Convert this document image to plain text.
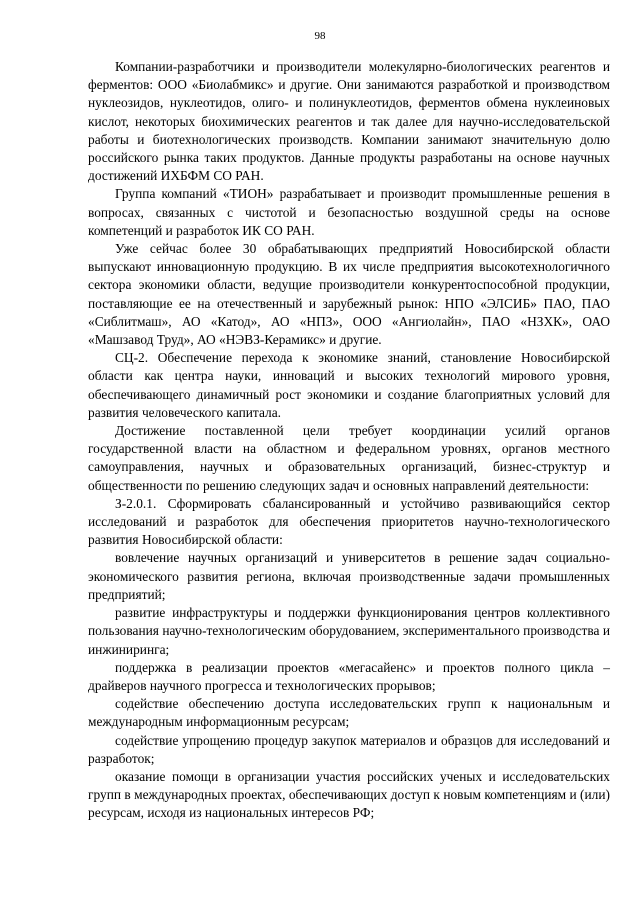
98

Компании-разработчики и производители молекулярно-биологических реагентов и ферментов: ООО «Биолабмикс» и другие. Они занимаются разработкой и производством нуклеозидов, нуклеотидов, олиго- и полинуклеотидов, ферментов обмена нуклеиновых кислот, некоторых биохимических реагентов и так далее для научно-исследовательской работы и биотехнологических производств. Компании занимают значительную долю российского рынка таких продуктов. Данные продукты разработаны на основе научных достижений ИХБФМ СО РАН.

Группа компаний «ТИОН» разрабатывает и производит промышленные решения в вопросах, связанных с чистотой и безопасностью воздушной среды на основе компетенций и разработок ИК СО РАН.

Уже сейчас более 30 обрабатывающих предприятий Новосибирской области выпускают инновационную продукцию. В их числе предприятия высокотехнологичного сектора экономики области, ведущие производители конкурентоспособной продукции, поставляющие ее на отечественный и зарубежный рынок: НПО «ЭЛСИБ» ПАО, ПАО «Сиблитмаш», АО «Катод», АО «НПЗ», ООО «Ангиолайн», ПАО «НЗХК», ОАО «Машзавод Труд», АО «НЭВЗ-Керамикс» и другие.

СЦ-2. Обеспечение перехода к экономике знаний, становление Новосибирской области как центра науки, инноваций и высоких технологий мирового уровня, обеспечивающего динамичный рост экономики и создание благоприятных условий для развития человеческого капитала.

Достижение поставленной цели требует координации усилий органов государственной власти на областном и федеральном уровнях, органов местного самоуправления, научных и образовательных организаций, бизнес-структур и общественности по решению следующих задач и основных направлений деятельности:

З-2.0.1. Сформировать сбалансированный и устойчиво развивающийся сектор исследований и разработок для обеспечения приоритетов научно-технологического развития Новосибирской области:

вовлечение научных организаций и университетов в решение задач социально-экономического развития региона, включая производственные задачи промышленных предприятий;

развитие инфраструктуры и поддержки функционирования центров коллективного пользования научно-технологическим оборудованием, экспериментального производства и инжиниринга;

поддержка в реализации проектов «мегасайенс» и проектов полного цикла – драйверов научного прогресса и технологических прорывов;

содействие обеспечению доступа исследовательских групп к национальным и международным информационным ресурсам;

содействие упрощению процедур закупок материалов и образцов для исследований и разработок;

оказание помощи в организации участия российских ученых и исследовательских групп в международных проектах, обеспечивающих доступ к новым компетенциям и (или) ресурсам, исходя из национальных интересов РФ;
